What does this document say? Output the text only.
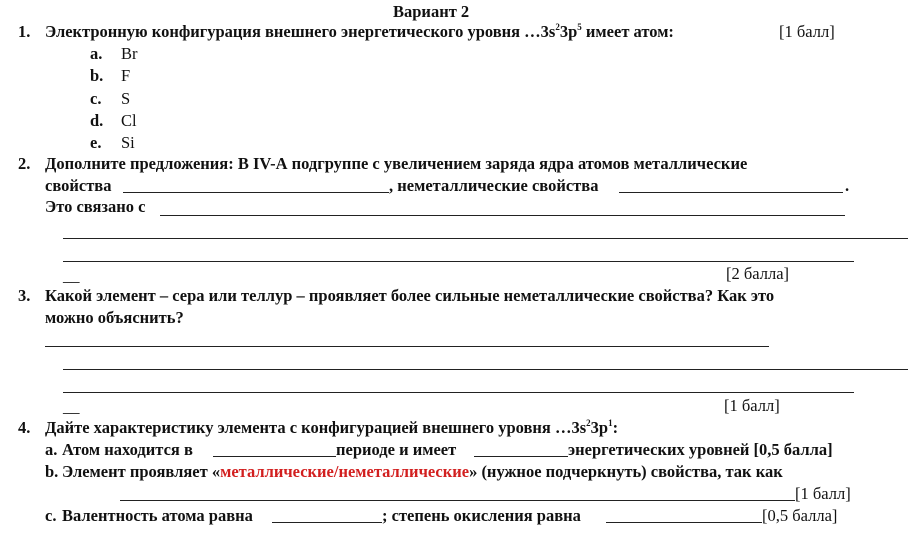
Вариант 2
1. Электронную конфигурация внешнего энергетического уровня $\dots 3s^23p^5$ имеет атом:	[1 балл]
a. Br
b. F
c. S
d. Cl
e. Si
2. Дополните предложения: В IV-А подгруппе с увеличением заряда ядра атомов металлические
свойства	, неметаллические свойства	.
Это связано с
__	[2 балла]
3. Какой элемент – сера или теллур – проявляет более сильные неметаллические свойства? Как это
можно объяснить?
__	[1 балл]
4. Дайте характеристику элемента с конфигурацией внешнего уровня $\dots 3s^23p^1$:
a. Атом находится в	периоде и имеет	энергетических уровней [0,5 балла]
b. Элемент проявляет «металлические/неметаллические» (нужное подчеркнуть) свойства, так как
[1 балл]
c. Валентность атома равна	; степень окисления равна	[0,5 балла]
